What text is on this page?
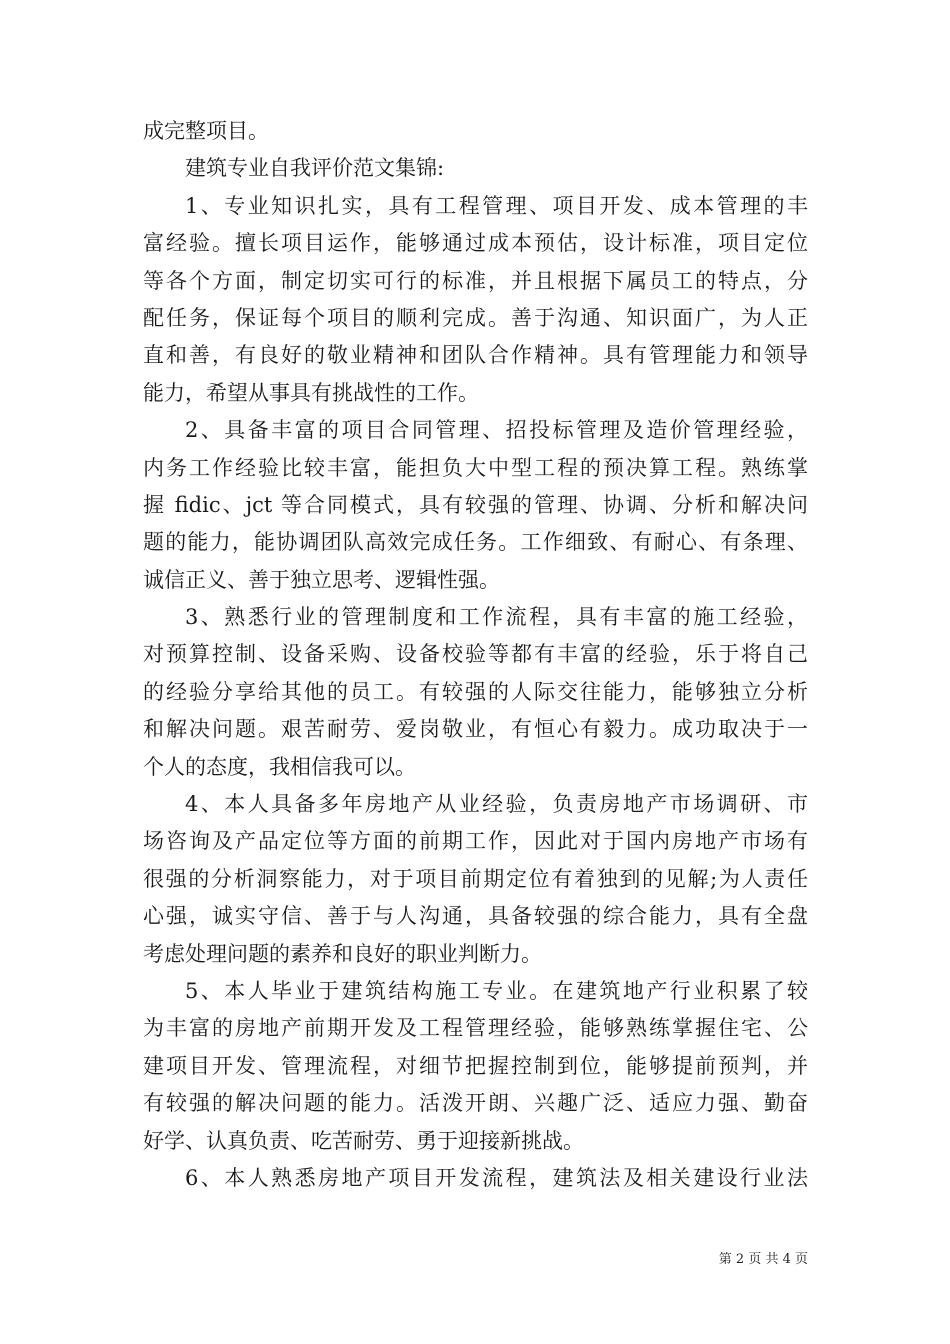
成完整项目。
建筑专业自我评价范文集锦:
1、专业知识扎实，具有工程管理、项目开发、成本管理的丰
富经验。擅长项目运作，能够通过成本预估，设计标准，项目定位
等各个方面，制定切实可行的标准，并且根据下属员工的特点，分
配任务，保证每个项目的顺利完成。善于沟通、知识面广，为人正
直和善，有良好的敬业精神和团队合作精神。具有管理能力和领导
能力，希望从事具有挑战性的工作。
2、具备丰富的项目合同管理、招投标管理及造价管理经验，
内务工作经验比较丰富，能担负大中型工程的预决算工程。熟练掌
握 fidic、jct 等合同模式，具有较强的管理、协调、分析和解决问
题的能力，能协调团队高效完成任务。工作细致、有耐心、有条理、
诚信正义、善于独立思考、逻辑性强。
3、熟悉行业的管理制度和工作流程，具有丰富的施工经验，
对预算控制、设备采购、设备校验等都有丰富的经验，乐于将自己
的经验分享给其他的员工。有较强的人际交往能力，能够独立分析
和解决问题。艰苦耐劳、爱岗敬业，有恒心有毅力。成功取决于一
个人的态度，我相信我可以。
4、本人具备多年房地产从业经验，负责房地产市场调研、市
场咨询及产品定位等方面的前期工作，因此对于国内房地产市场有
很强的分析洞察能力，对于项目前期定位有着独到的见解;为人责任
心强，诚实守信、善于与人沟通，具备较强的综合能力，具有全盘
考虑处理问题的素养和良好的职业判断力。
5、本人毕业于建筑结构施工专业。在建筑地产行业积累了较
为丰富的房地产前期开发及工程管理经验，能够熟练掌握住宅、公
建项目开发、管理流程，对细节把握控制到位，能够提前预判，并
有较强的解决问题的能力。活泼开朗、兴趣广泛、适应力强、勤奋
好学、认真负责、吃苦耐劳、勇于迎接新挑战。
6、本人熟悉房地产项目开发流程，建筑法及相关建设行业法
第 2 页 共 4 页
